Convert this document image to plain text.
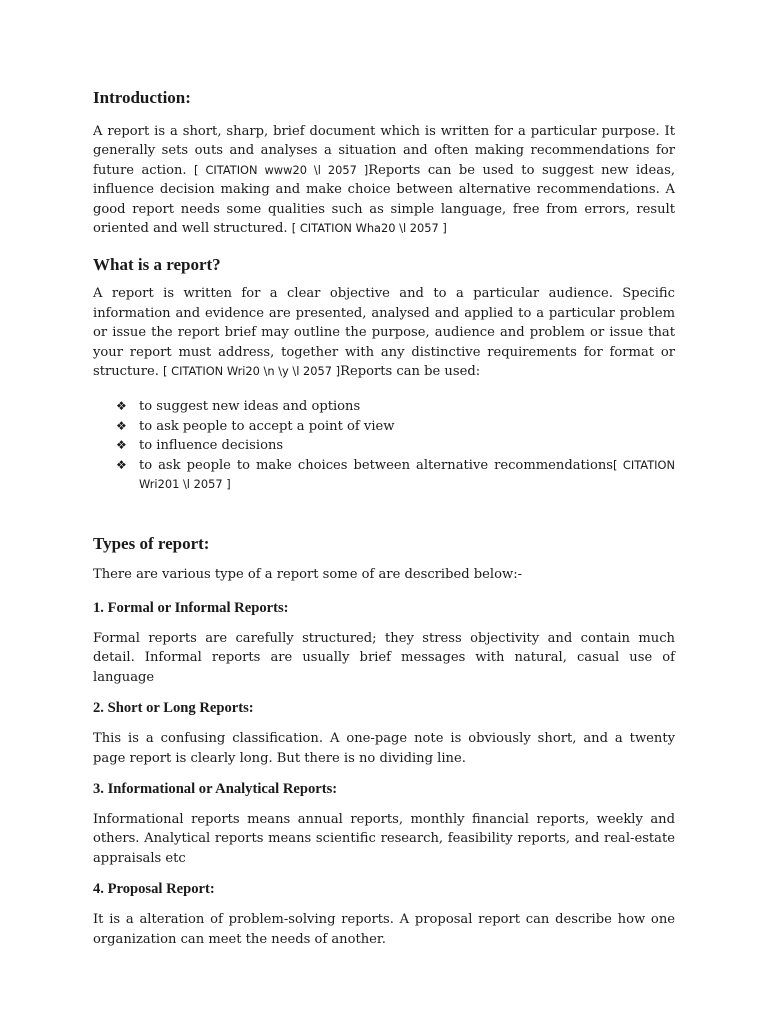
Introduction:

A report is a short, sharp, brief document which is written for a particular purpose. It generally sets outs and analyses a situation and often making recommendations for future action. [ CITATION www20 \l 2057 ]Reports can be used to suggest new ideas, influence decision making and make choice between alternative recommendations. A good report needs some qualities such as simple language, free from errors, result oriented and well structured. [ CITATION Wha20 \l 2057 ]

What is a report?

A report is written for a clear objective and to a particular audience. Specific information and evidence are presented, analysed and applied to a particular problem or issue the report brief may outline the purpose, audience and problem or issue that your report must address, together with any distinctive requirements for format or structure. [ CITATION Wri20 \n \y \l 2057 ]Reports can be used:

❖ to suggest new ideas and options
❖ to ask people to accept a point of view
❖ to influence decisions
❖ to ask people to make choices between alternative recommendations[ CITATION Wri201 \l 2057 ]
Types of report:

There are various type of a report some of are described below:-

1. Formal or Informal Reports:

Formal reports are carefully structured; they stress objectivity and contain much detail. Informal reports are usually brief messages with natural, casual use of language

2. Short or Long Reports:

This is a confusing classification. A one-page note is obviously short, and a twenty page report is clearly long. But there is no dividing line.

3. Informational or Analytical Reports:

Informational reports means annual reports, monthly financial reports, weekly and others. Analytical reports means scientific research, feasibility reports, and real-estate appraisals etc

4. Proposal Report:

It is a alteration of problem-solving reports. A proposal report can describe how one organization can meet the needs of another.
